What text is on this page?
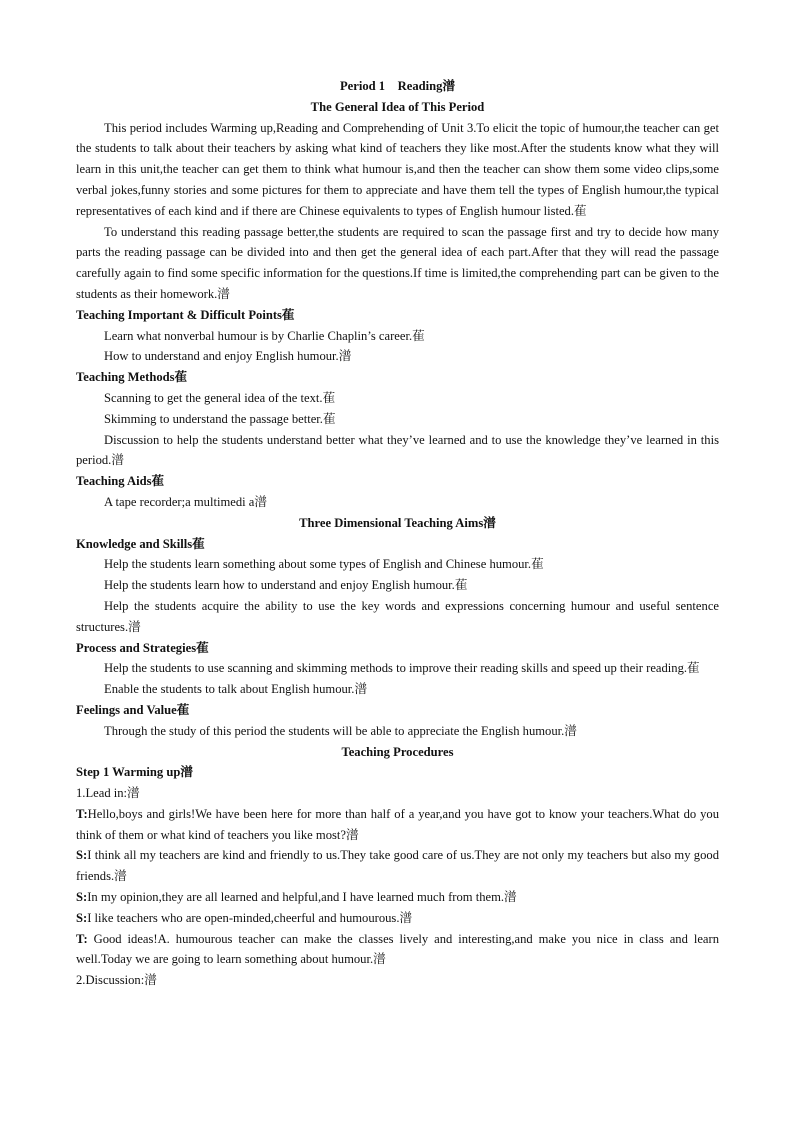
Period 1　Reading潽

The General Idea of This Period

This period includes Warming up,Reading and Comprehending of Unit 3.To elicit the topic of humour,the teacher can get the students to talk about their teachers by asking what kind of teachers they like most.After the students know what they will learn in this unit,the teacher can get them to think what humour is,and then the teacher can show them some video clips,some verbal jokes,funny stories and some pictures for them to appreciate and have them tell the types of English humour,the typical representatives of each kind and if there are Chinese equivalents to types of English humour listed.萑

To understand this reading passage better,the students are required to scan the passage first and try to decide how many parts the reading passage can be divided into and then get the general idea of each part.After that they will read the passage carefully again to find some specific information for the questions.If time is limited,the comprehending part can be given to the students as their homework.潽

Teaching Important & Difficult Points萑

Learn what nonverbal humour is by Charlie Chaplin’s career.萑

How to understand and enjoy English humour.潽

Teaching Methods萑

Scanning to get the general idea of the text.萑

Skimming to understand the passage better.萑

Discussion to help the students understand better what they’ve learned and to use the knowledge they’ve learned in this period.潽

Teaching Aids萑

A tape recorder;a multimedi a潽

Three Dimensional Teaching Aims潽

Knowledge and Skills萑

Help the students learn something about some types of English and Chinese humour.萑

Help the students learn how to understand and enjoy English humour.萑

Help the students acquire the ability to use the key words and expressions concerning humour and useful sentence structures.潽

Process and Strategies萑

Help the students to use scanning and skimming methods to improve their reading skills and speed up their reading.萑

Enable the students to talk about English humour.潽

Feelings and Value萑

Through the study of this period the students will be able to appreciate the English humour.潽

Teaching Procedures

Step 1 Warming up潽

1.Lead in:潽

T:Hello,boys and girls!We have been here for more than half of a year,and you have got to know your teachers.What do you think of them or what kind of teachers you like most?潽

S:I think all my teachers are kind and friendly to us.They take good care of us.They are not only my teachers but also my good friends.潽

S:In my opinion,they are all learned and helpful,and I have learned much from them.潽

S:I like teachers who are open-minded,cheerful and humourous.潽

T: Good ideas!A. humourous teacher can make the classes lively and interesting,and make you nice in class and learn well.Today we are going to learn something about humour.潽

2.Discussion:潽
